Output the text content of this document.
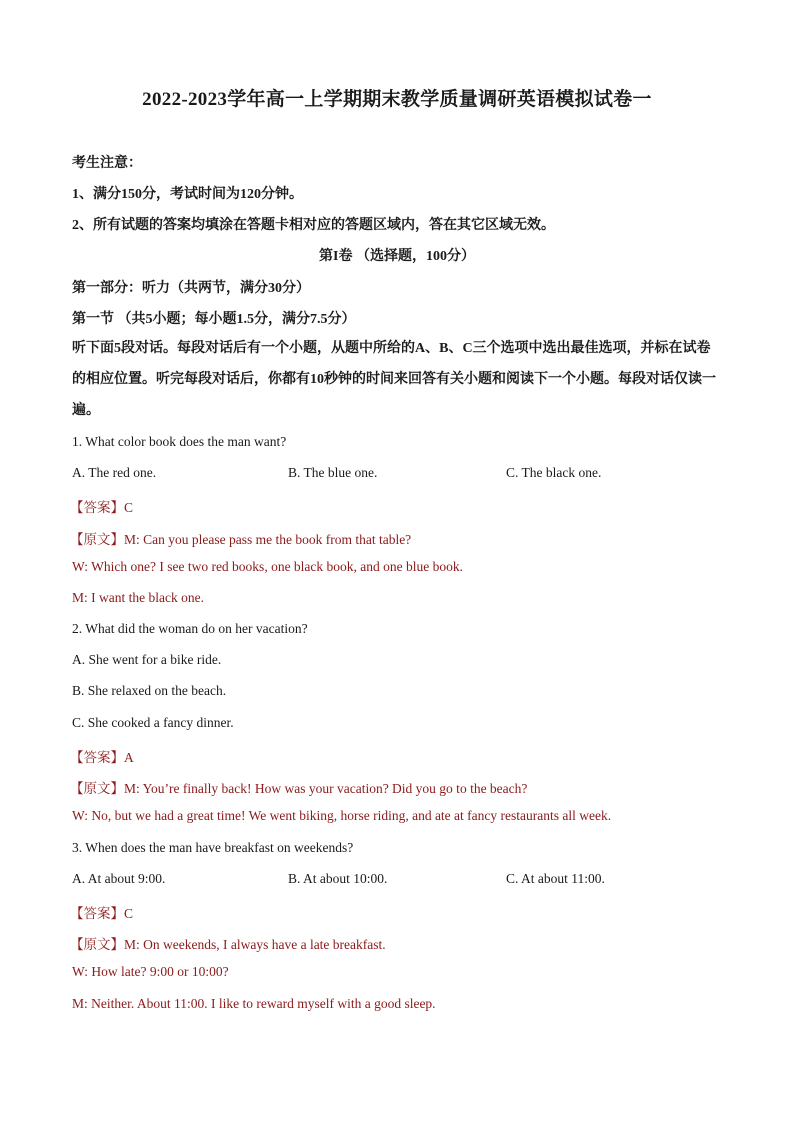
2022-2023学年高一上学期期末教学质量调研英语模拟试卷一
考生注意：
1、满分150分，考试时间为120分钟。
2、所有试题的答案均填涂在答题卡相对应的答题区域内，答在其它区域无效。
第I卷 （选择题，100分）
第一部分：听力（共两节，满分30分）
第一节 （共5小题；每小题1.5分，满分7.5分）
听下面5段对话。每段对话后有一个小题，从题中所给的A、B、C三个选项中选出最佳选项，并标在试卷的相应位置。听完每段对话后，你都有10秒钟的时间来回答有关小题和阅读下一个小题。每段对话仅读一遍。
1. What color book does the man want?
A. The red one.	B. The blue one.	C. The black one.
【答案】C
【原文】M: Can you please pass me the book from that table?
W: Which one? I see two red books, one black book, and one blue book.
M: I want the black one.
2. What did the woman do on her vacation?
A. She went for a bike ride.
B. She relaxed on the beach.
C. She cooked a fancy dinner.
【答案】A
【原文】M: You’re finally back! How was your vacation? Did you go to the beach?
W: No, but we had a great time! We went biking, horse riding, and ate at fancy restaurants all week.
3. When does the man have breakfast on weekends?
A. At about 9:00.	B. At about 10:00.	C. At about 11:00.
【答案】C
【原文】M: On weekends, I always have a late breakfast.
W: How late? 9:00 or 10:00?
M: Neither. About 11:00. I like to reward myself with a good sleep.
